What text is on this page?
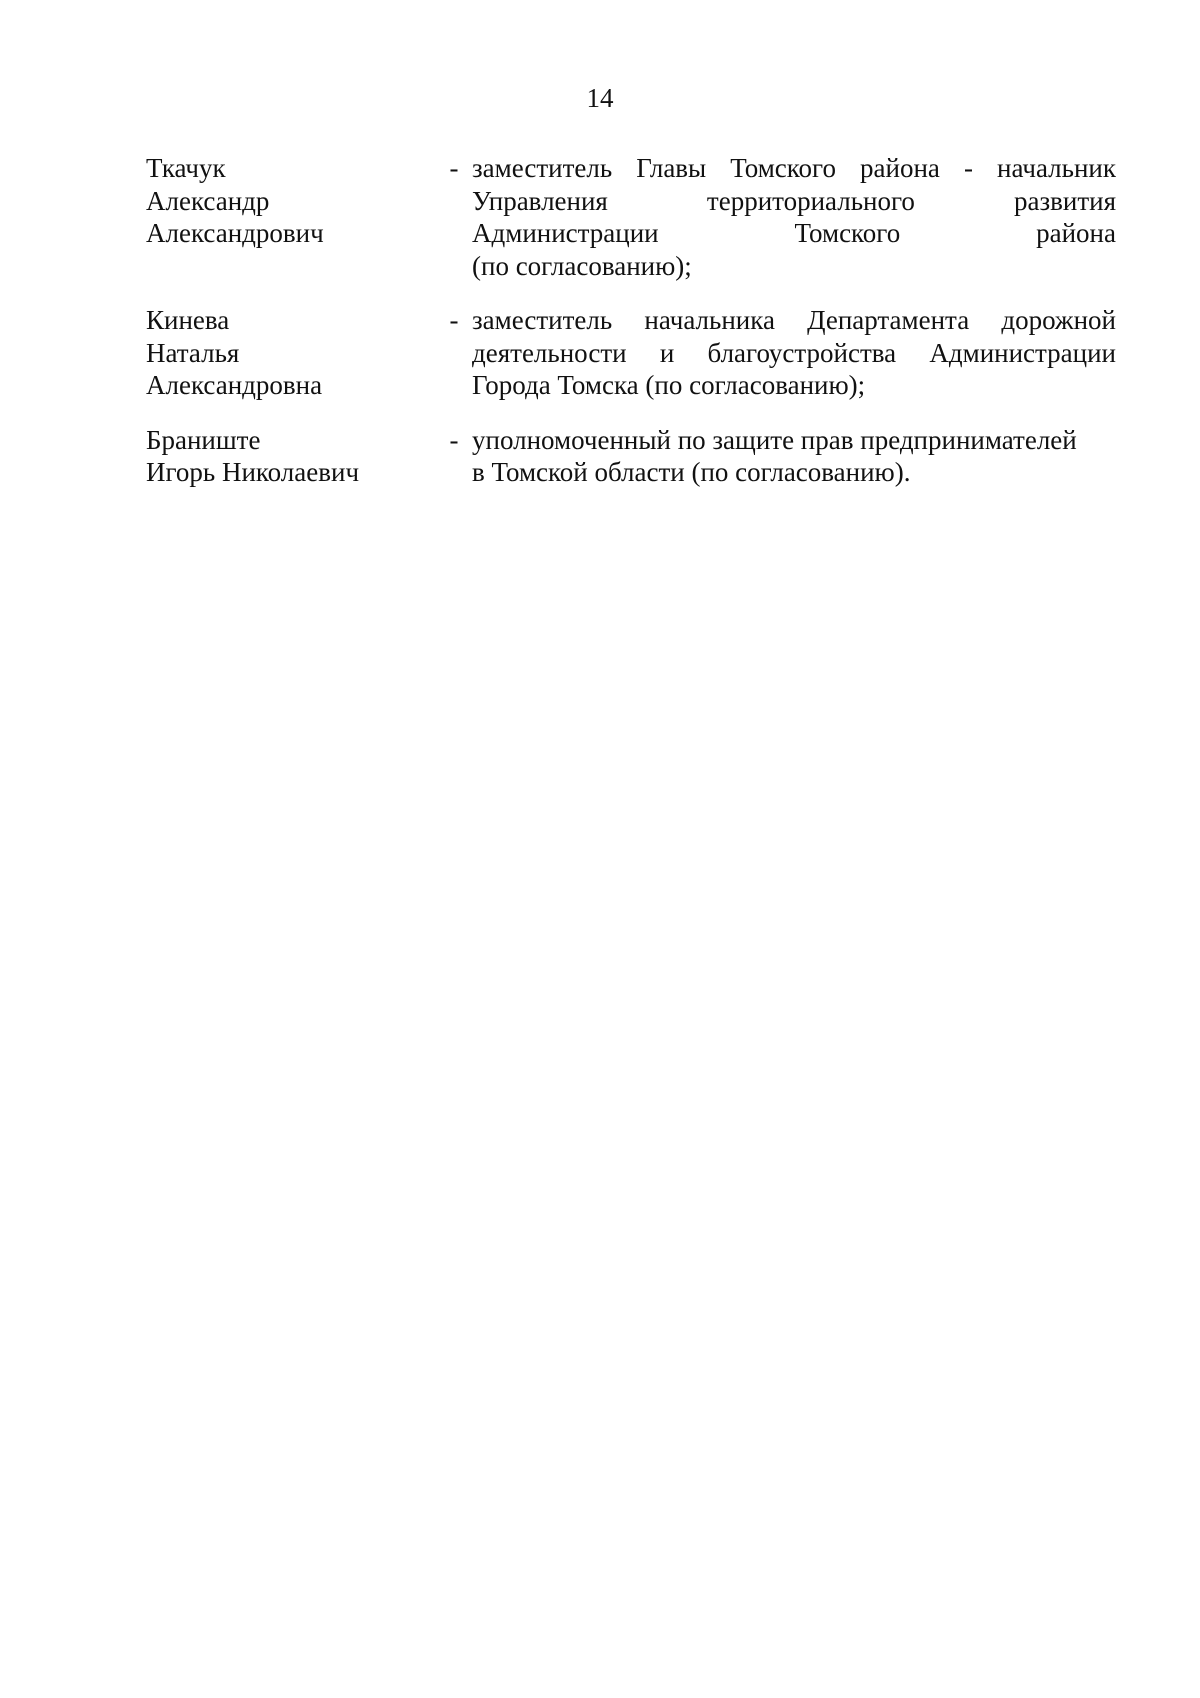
14
Ткачук
Александр
Александрович
- заместитель Главы Томского района - начальник
Управления территориального развития
Администрации Томского района
(по согласованию);
Кинева
Наталья
Александровна
- заместитель начальника Департамента дорожной
деятельности и благоустройства Администрации
Города Томска (по согласованию);
Браниште
Игорь Николаевич
- уполномоченный по защите прав предпринимателей
в Томской области (по согласованию).
